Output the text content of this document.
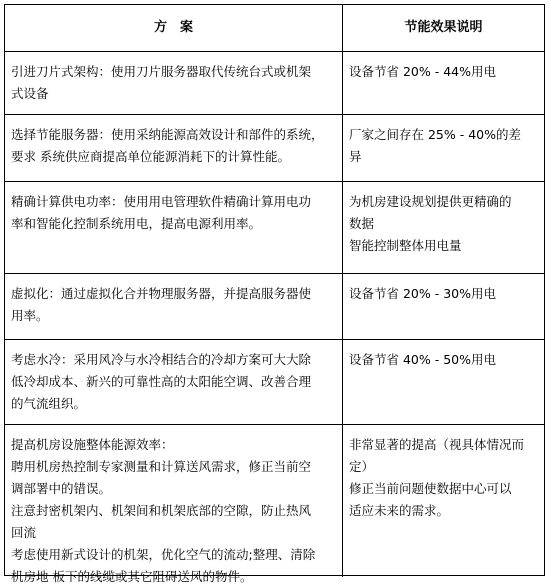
方　案	节能效果说明
引进刀片式架构：使用刀片服务器取代传统台式或机架
式设备
设备节省 20% - 44%用电
选择节能服务器：使用采纳能源高效设计和部件的系统，
要求 系统供应商提高单位能源消耗下的计算性能。
厂家之间存在 25% - 40%的差
异
精确计算供电功率：使用用电管理软件精确计算用电功
率和智能化控制系统用电，提高电源利用率。
为机房建设规划提供更精确的
数据
智能控制整体用电量
虚拟化：通过虚拟化合并物理服务器，并提高服务器使
用率。
设备节省 20% - 30%用电
考虑水冷：采用风冷与水冷相结合的冷却方案可大大除
低冷却成本、新兴的可靠性高的太阳能空调、改善合理
的气流组织。
设备节省 40% - 50%用电
提高机房设施整体能源效率：
聘用机房热控制专家测量和计算送风需求，修正当前空
调部署中的错误。
注意封密机架内、机架间和机架底部的空隙，防止热风
回流
考虑使用新式设计的机架，优化空气的流动;整理、清除
机房地 板下的线缆或其它阻碍送风的物件。
非常显著的提高（视具体情况而
定）
修正当前问题使数据中心可以
适应未来的需求。
